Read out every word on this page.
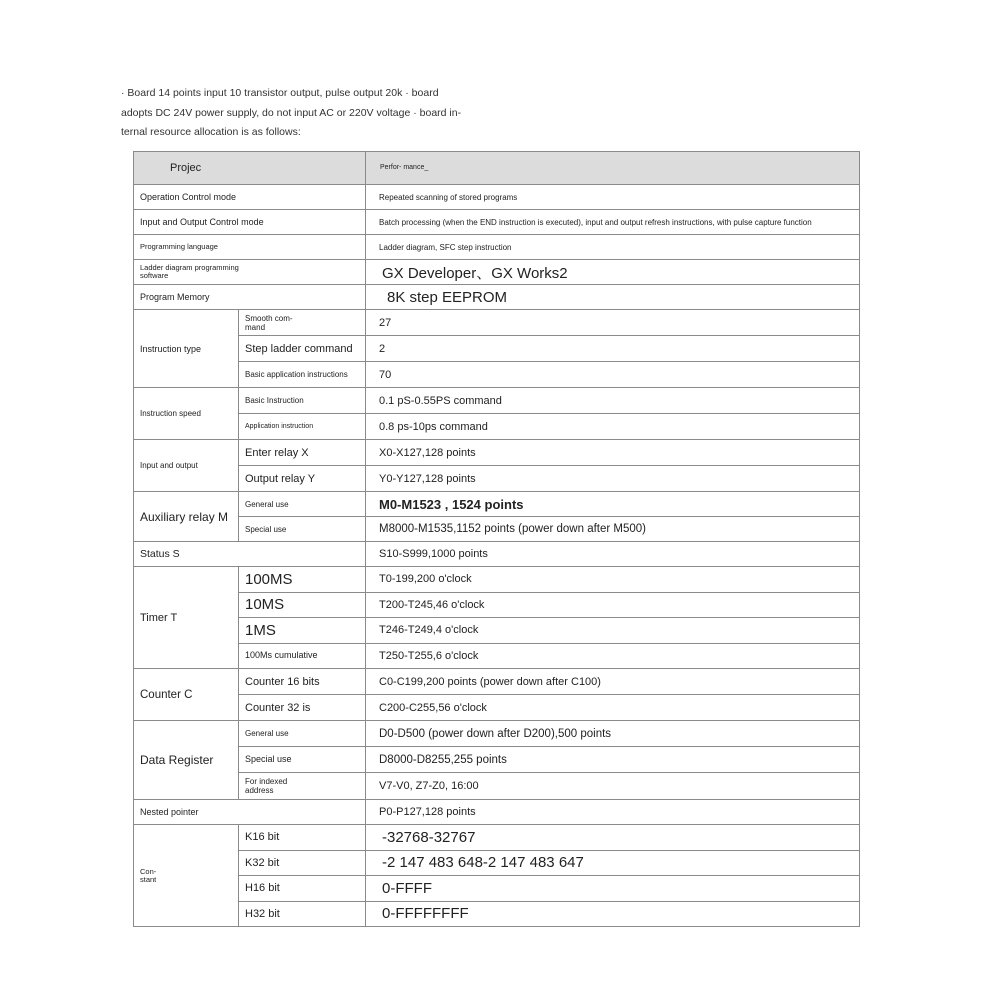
· Board 14 points input 10 transistor output, pulse output 20k · board
adopts DC 24V power supply, do not input AC or 220V voltage · board in-
ternal resource allocation is as follows:
Projec		Perfor- mance_
Operation Control mode		Repeated scanning of stored programs
Input and Output Control mode		Batch processing (when the END instruction is executed), input and output refresh instructions, with pulse capture function
Programming language		Ladder diagram, SFC step instruction
Ladder diagram programming software		GX Developer、GX Works2
Program Memory		8K step EEPROM
Instruction type	Smooth com- mand	27
	Step ladder command	2
	Basic application instructions	70
Instruction speed	Basic Instruction	0.1 pS-0.55PS command
	Application instruction	0.8 ps-10ps command
Input and output	Enter relay X	X0-X127,128 points
	Output relay Y	Y0-Y127,128 points
Auxiliary relay M	General use	M0-M1523 , 1524 points
	Special use	M8000-M1535,1152 points (power down after M500)
Status S		S10-S999,1000 points
Timer T	100MS	T0-199,200 o'clock
	10MS	T200-T245,46 o'clock
	1MS	T246-T249,4 o'clock
	100Ms cumulative	T250-T255,6 o'clock
Counter C	Counter 16 bits	C0-C199,200 points (power down after C100)
	Counter 32 is	C200-C255,56 o'clock
Data Register	General use	D0-D500 (power down after D200),500 points
	Special use	D8000-D8255,255 points
	For indexed address	V7-V0, Z7-Z0, 16:00
Nested pointer		P0-P127,128 points
Con- stant	K16 bit	-32768-32767
	K32 bit	-2 147 483 648-2 147 483 647
	H16 bit	0-FFFF
	H32 bit	0-FFFFFFFF
